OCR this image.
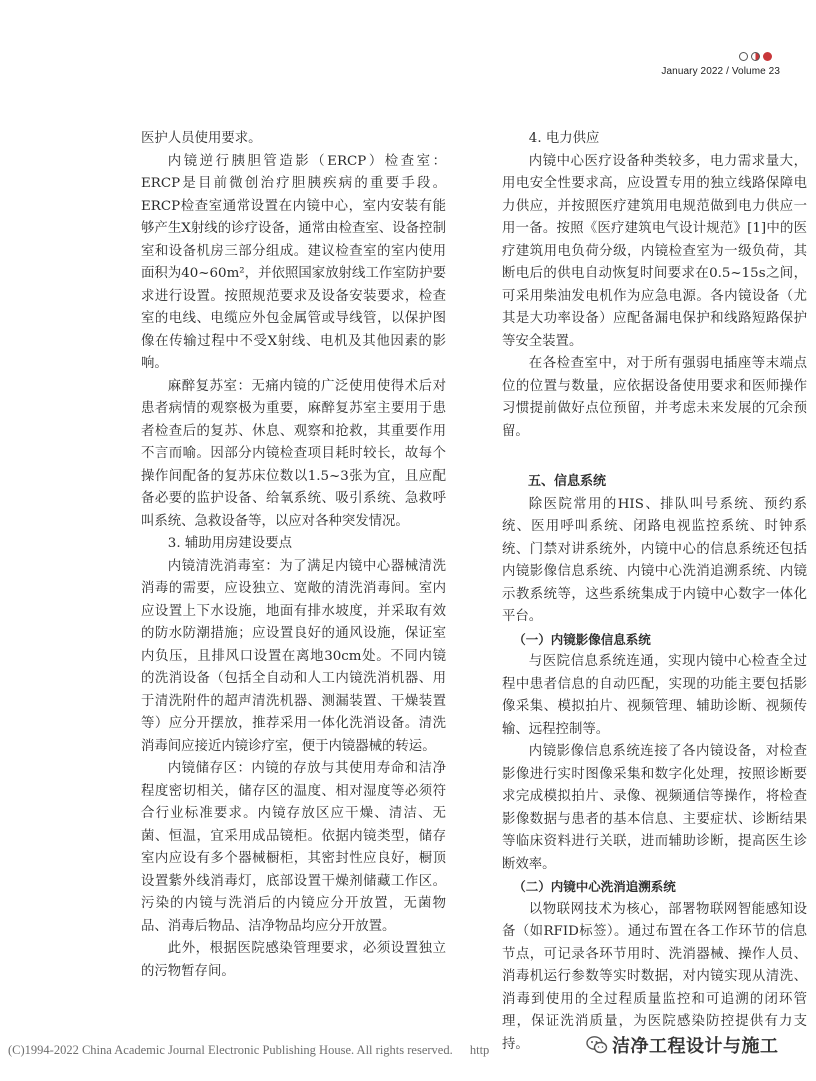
January 2022 / Volume 23

医护人员使用要求。

内镜逆行胰胆管造影（ERCP）检查室：ERCP是目前微创治疗胆胰疾病的重要手段。ERCP检查室通常设置在内镜中心，室内安装有能够产生X射线的诊疗设备，通常由检查室、设备控制室和设备机房三部分组成。建议检查室的室内使用面积为40~60m²，并依照国家放射线工作室防护要求进行设置。按照规范要求及设备安装要求，检查室的电线、电缆应外包金属管或导线管，以保护图像在传输过程中不受X射线、电机及其他因素的影响。

麻醉复苏室：无痛内镜的广泛使用使得术后对患者病情的观察极为重要，麻醉复苏室主要用于患者检查后的复苏、休息、观察和抢救，其重要作用不言而喻。因部分内镜检查项目耗时较长，故每个操作间配备的复苏床位数以1.5~3张为宜，且应配备必要的监护设备、给氧系统、吸引系统、急救呼叫系统、急救设备等，以应对各种突发情况。

3. 辅助用房建设要点

内镜清洗消毒室：为了满足内镜中心器械清洗消毒的需要，应设独立、宽敞的清洗消毒间。室内应设置上下水设施，地面有排水坡度，并采取有效的防水防潮措施；应设置良好的通风设施，保证室内负压，且排风口设置在离地30cm处。不同内镜的洗消设备（包括全自动和人工内镜洗消机器、用于清洗附件的超声清洗机器、测漏装置、干燥装置等）应分开摆放，推荐采用一体化洗消设备。清洗消毒间应接近内镜诊疗室，便于内镜器械的转运。

内镜储存区：内镜的存放与其使用寿命和洁净程度密切相关，储存区的温度、相对湿度等必须符合行业标准要求。内镜存放区应干燥、清洁、无菌、恒温，宜采用成品镜柜。依据内镜类型，储存室内应设有多个器械橱柜，其密封性应良好，橱顶设置紫外线消毒灯，底部设置干燥剂储藏工作区。污染的内镜与洗消后的内镜应分开放置，无菌物品、消毒后物品、洁净物品均应分开放置。

此外，根据医院感染管理要求，必须设置独立的污物暂存间。

4. 电力供应

内镜中心医疗设备种类较多，电力需求量大，用电安全性要求高，应设置专用的独立线路保障电力供应，并按照医疗建筑用电规范做到电力供应一用一备。按照《医疗建筑电气设计规范》[1]中的医疗建筑用电负荷分级，内镜检查室为一级负荷，其断电后的供电自动恢复时间要求在0.5~15s之间，可采用柴油发电机作为应急电源。各内镜设备（尤其是大功率设备）应配备漏电保护和线路短路保护等安全装置。

在各检查室中，对于所有强弱电插座等末端点位的位置与数量，应依据设备使用要求和医师操作习惯提前做好点位预留，并考虑未来发展的冗余预留。

五、信息系统

除医院常用的HIS、排队叫号系统、预约系统、医用呼叫系统、闭路电视监控系统、时钟系统、门禁对讲系统外，内镜中心的信息系统还包括内镜影像信息系统、内镜中心洗消追溯系统、内镜示教系统等，这些系统集成于内镜中心数字一体化平台。

（一）内镜影像信息系统

与医院信息系统连通，实现内镜中心检查全过程中患者信息的自动匹配，实现的功能主要包括影像采集、模拟拍片、视频管理、辅助诊断、视频传输、远程控制等。

内镜影像信息系统连接了各内镜设备，对检查影像进行实时图像采集和数字化处理，按照诊断要求完成模拟拍片、录像、视频通信等操作，将检查影像数据与患者的基本信息、主要症状、诊断结果等临床资料进行关联，进而辅助诊断，提高医生诊断效率。

（二）内镜中心洗消追溯系统

以物联网技术为核心，部署物联网智能感知设备（如RFID标签）。通过布置在各工作环节的信息节点，可记录各环节用时、洗消器械、操作人员、消毒机运行参数等实时数据，对内镜实现从清洗、消毒到使用的全过程质量监控和可追溯的闭环管理，保证洗消质量，为医院感染防控提供有力支持。

(C)1994-2022 China Academic Journal Electronic Publishing House. All rights reserved. http	洁净工程设计与施工
